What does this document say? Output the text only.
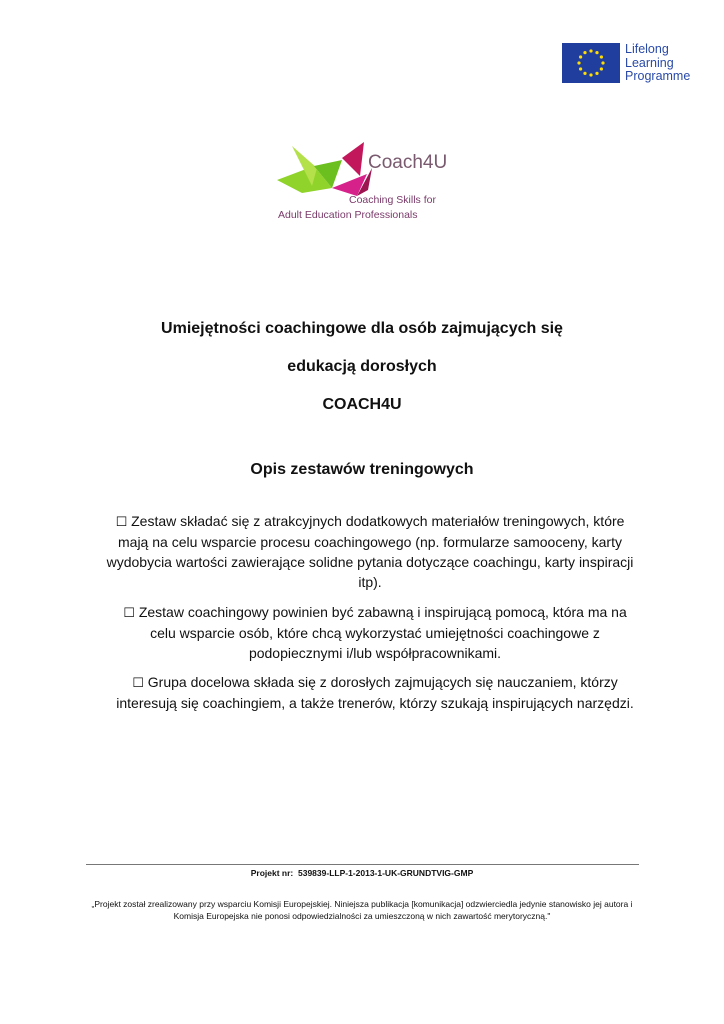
Lifelong
Learning
Programme
Coach4U
Coaching Skills for
Adult Education Professionals
Umiejętności coachingowe dla osób zajmujących się
edukacją dorosłych
COACH4U
Opis zestawów treningowych
☐ Zestaw składać się z atrakcyjnych dodatkowych materiałów treningowych, które mają na celu wsparcie procesu coachingowego (np. formularze samooceny, karty wydobycia wartości zawierające solidne pytania dotyczące coachingu, karty inspiracji itp).
☐ Zestaw coachingowy powinien być zabawną i inspirującą pomocą, która ma na celu wsparcie osób, które chcą wykorzystać umiejętności coachingowe z podopiecznymi i/lub współpracownikami.
☐ Grupa docelowa składa się z dorosłych zajmujących się nauczaniem, którzy interesują się coachingiem, a także trenerów, którzy szukają inspirujących narzędzi.
Projekt nr: 539839-LLP-1-2013-1-UK-GRUNDTVIG-GMP
„Projekt został zrealizowany przy wsparciu Komisji Europejskiej. Niniejsza publikacja [komunikacja] odzwierciedla jedynie stanowisko jej autora i Komisja Europejska nie ponosi odpowiedzialności za umieszczoną w nich zawartość merytoryczną."
